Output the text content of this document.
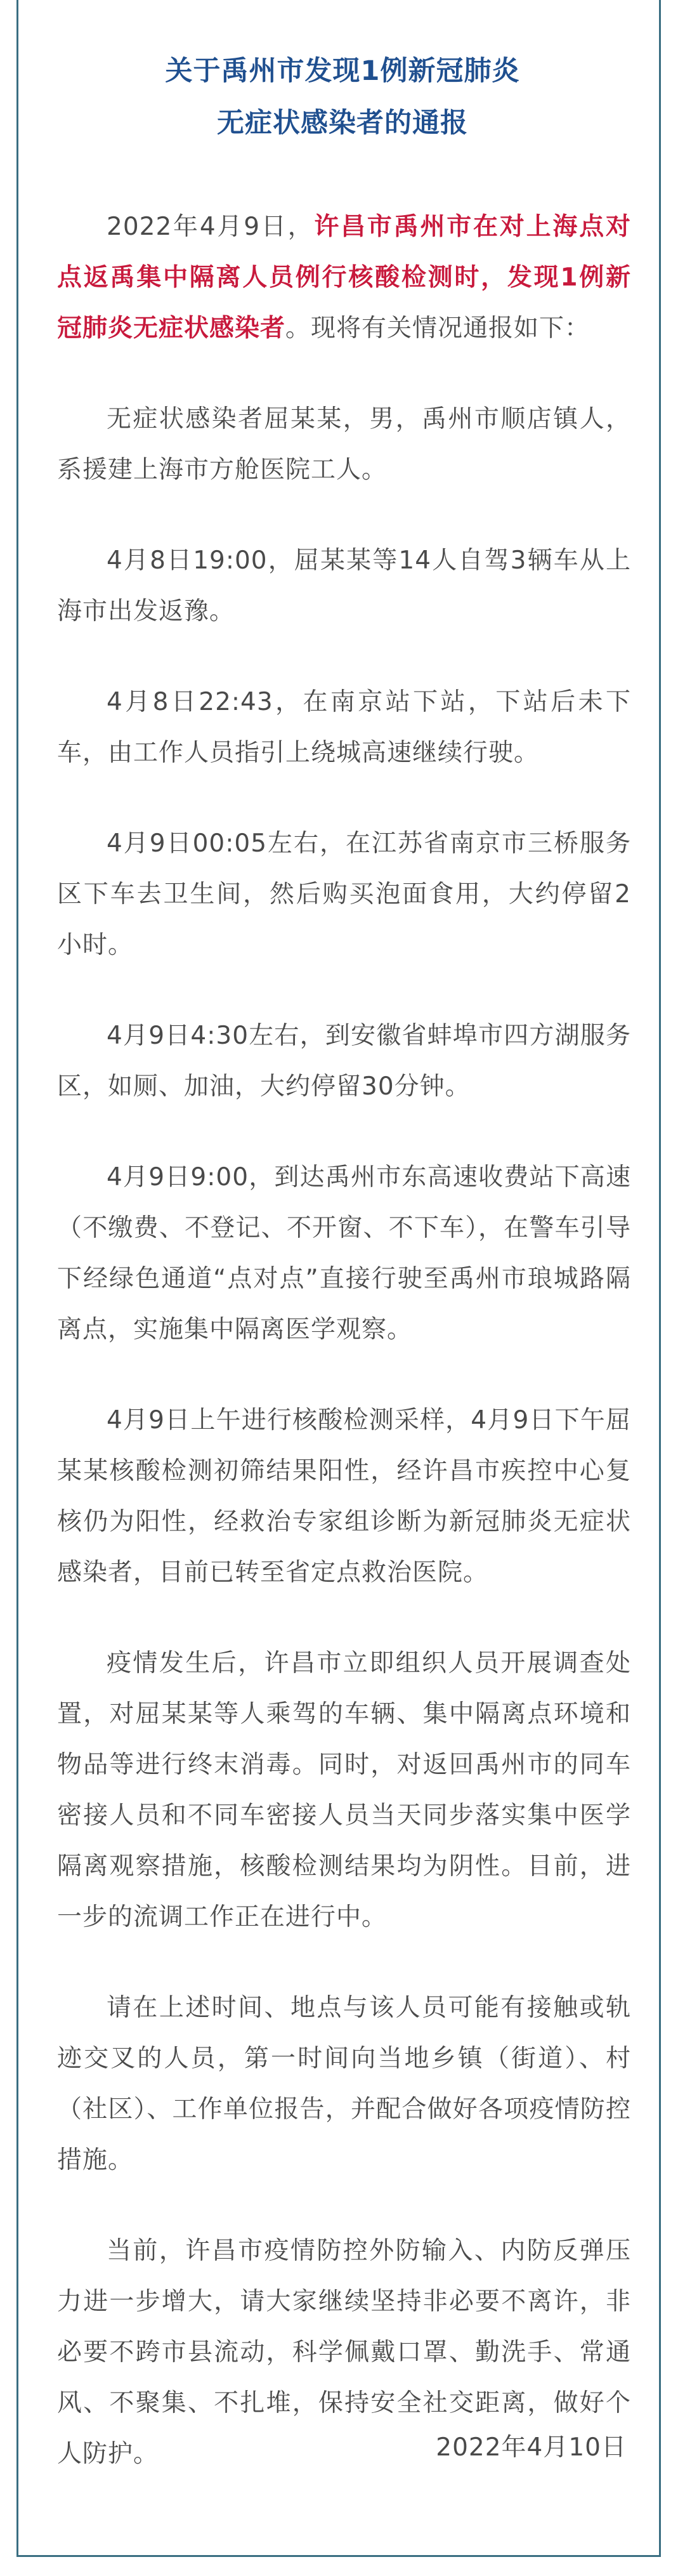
关于禹州市发现1例新冠肺炎
无症状感染者的通报

2022年4月9日，许昌市禹州市在对上海点对点返禹集中隔离人员例行核酸检测时，发现1例新冠肺炎无症状感染者。现将有关情况通报如下：

无症状感染者屈某某，男，禹州市顺店镇人，系援建上海市方舱医院工人。

4月8日19:00，屈某某等14人自驾3辆车从上海市出发返豫。

4月8日22:43，在南京站下站，下站后未下车，由工作人员指引上绕城高速继续行驶。

4月9日00:05左右，在江苏省南京市三桥服务区下车去卫生间，然后购买泡面食用，大约停留2小时。

4月9日4:30左右，到安徽省蚌埠市四方湖服务区，如厕、加油，大约停留30分钟。

4月9日9:00，到达禹州市东高速收费站下高速（不缴费、不登记、不开窗、不下车），在警车引导下经绿色通道“点对点”直接行驶至禹州市琅城路隔离点，实施集中隔离医学观察。

4月9日上午进行核酸检测采样，4月9日下午屈某某核酸检测初筛结果阳性，经许昌市疾控中心复核仍为阳性，经救治专家组诊断为新冠肺炎无症状感染者，目前已转至省定点救治医院。

疫情发生后，许昌市立即组织人员开展调查处置，对屈某某等人乘驾的车辆、集中隔离点环境和物品等进行终末消毒。同时，对返回禹州市的同车密接人员和不同车密接人员当天同步落实集中医学隔离观察措施，核酸检测结果均为阴性。目前，进一步的流调工作正在进行中。

请在上述时间、地点与该人员可能有接触或轨迹交叉的人员，第一时间向当地乡镇（街道）、村（社区）、工作单位报告，并配合做好各项疫情防控措施。

当前，许昌市疫情防控外防输入、内防反弹压力进一步增大，请大家继续坚持非必要不离许，非必要不跨市县流动，科学佩戴口罩、勤洗手、常通风、不聚集、不扎堆，保持安全社交距离，做好个人防护。	2022年4月10日
